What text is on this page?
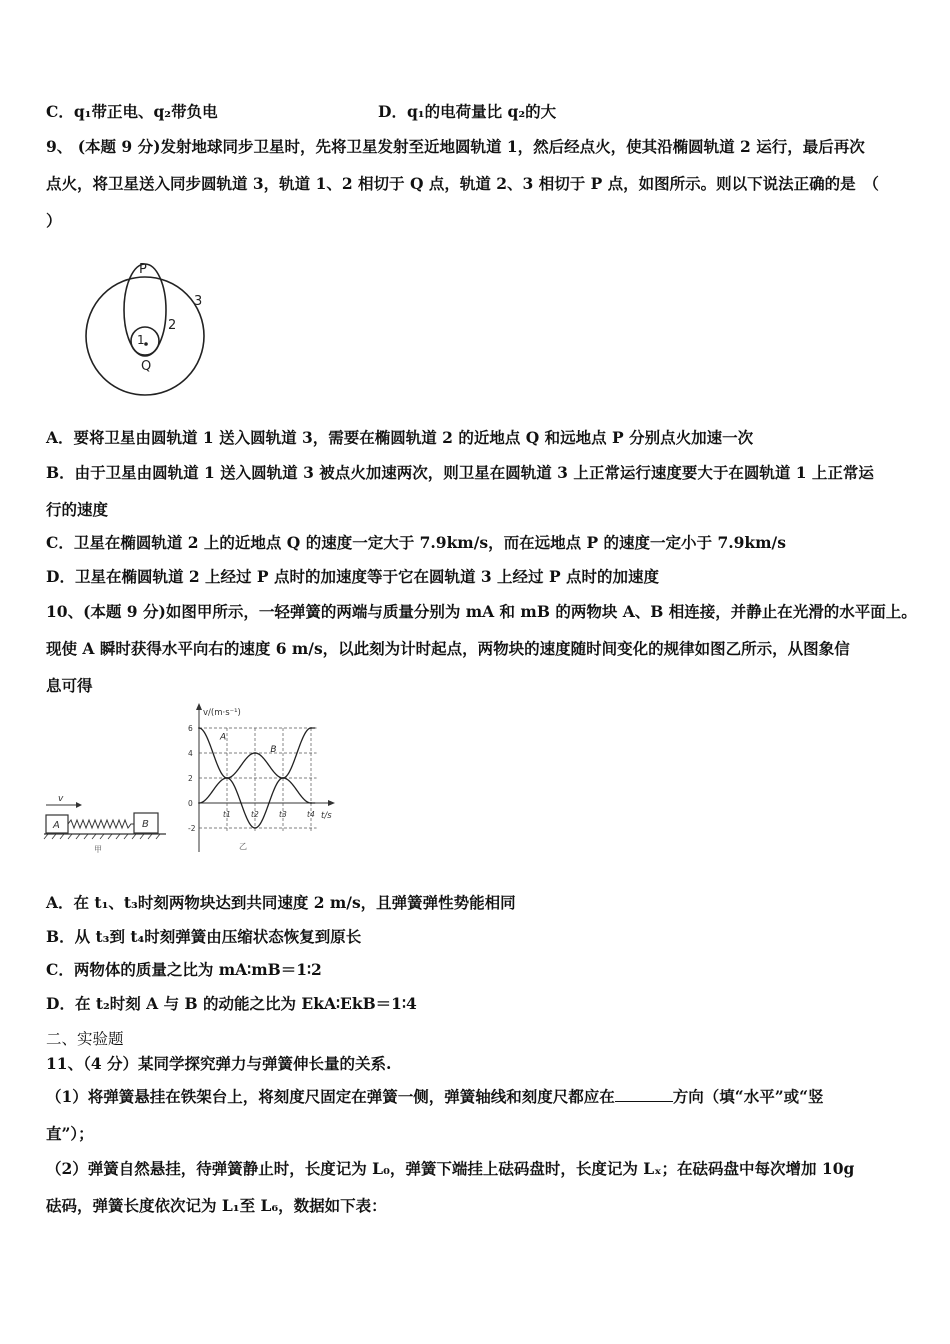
C．q₁带正电、q₂带负电	D．q₁的电荷量比 q₂的大
9、 (本题 9 分)发射地球同步卫星时，先将卫星发射至近地圆轨道 1，然后经点火，使其沿椭圆轨道 2 运行，最后再次
点火，将卫星送入同步圆轨道 3，轨道 1、2 相切于 Q 点，轨道 2、3 相切于 P 点，如图所示。则以下说法正确的是　（
）
P
1
2
3
Q
A．要将卫星由圆轨道 1 送入圆轨道 3，需要在椭圆轨道 2 的近地点 Q 和远地点 P 分别点火加速一次
B．由于卫星由圆轨道 1 送入圆轨道 3 被点火加速两次，则卫星在圆轨道 3 上正常运行速度要大于在圆轨道 1 上正常运
行的速度
C．卫星在椭圆轨道 2 上的近地点 Q 的速度一定大于 7.9km/s，而在远地点 P 的速度一定小于 7.9km/s
D．卫星在椭圆轨道 2 上经过 P 点时的加速度等于它在圆轨道 3 上经过 P 点时的加速度
10、(本题 9 分)如图甲所示，一轻弹簧的两端与质量分别为 mA 和 mB 的两物块 A、B 相连接，并静止在光滑的水平面上。
现使 A 瞬时获得水平向右的速度 6 m/s，以此刻为计时起点，两物块的速度随时间变化的规律如图乙所示，从图象信
息可得
v
A	B
甲
v/(m·s⁻¹)
t/s
乙
6
4
2
0
-2
t1	t2	t3	t4
A
B
A．在 t₁、t₃时刻两物块达到共同速度 2 m/s，且弹簧弹性势能相同
B．从 t₃到 t₄时刻弹簧由压缩状态恢复到原长
C．两物体的质量之比为 mA∶mB＝1∶2
D．在 t₂时刻 A 与 B 的动能之比为 EkA∶EkB＝1∶4
二、实验题
11、（4 分）某同学探究弹力与弹簧伸长量的关系.
（1）将弹簧悬挂在铁架台上，将刻度尺固定在弹簧一侧，弹簧轴线和刻度尺都应在	方向（填“水平”或“竖
直”）；
（2）弹簧自然悬挂，待弹簧静止时，长度记为 L₀，弹簧下端挂上砝码盘时，长度记为 Lₓ；在砝码盘中每次增加 10g
砝码，弹簧长度依次记为 L₁至 L₆，数据如下表：
